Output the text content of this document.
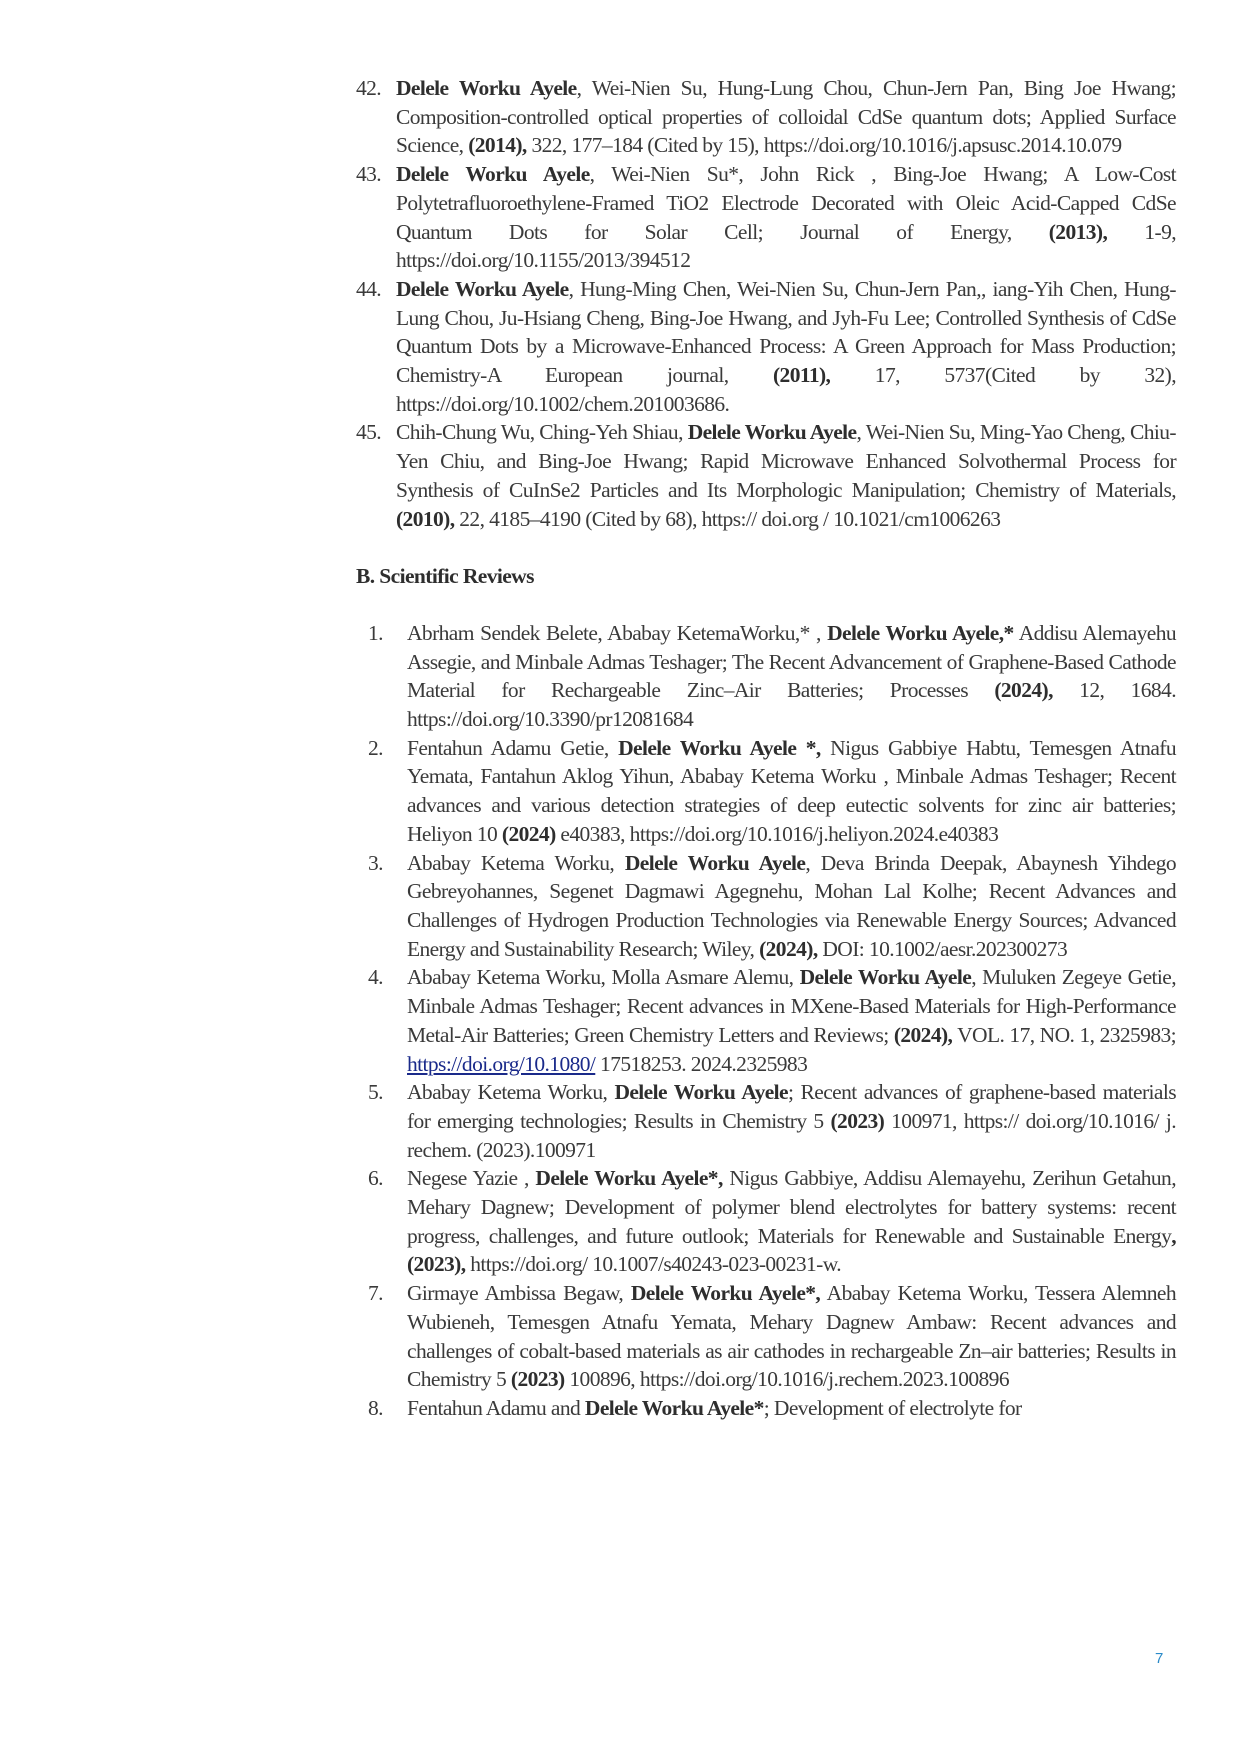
42. Delele Worku Ayele, Wei-Nien Su, Hung-Lung Chou, Chun-Jern Pan, Bing Joe Hwang; Composition-controlled optical properties of colloidal CdSe quantum dots; Applied Surface Science, (2014), 322, 177–184 (Cited by 15), https://doi.org/10.1016/j.apsusc.2014.10.079
43. Delele Worku Ayele, Wei-Nien Su*, John Rick , Bing-Joe Hwang; A Low-Cost Polytetrafluoroethylene-Framed TiO2 Electrode Decorated with Oleic Acid-Capped CdSe Quantum Dots for Solar Cell; Journal of Energy, (2013), 1-9, https://doi.org/10.1155/2013/394512
44. Delele Worku Ayele, Hung-Ming Chen, Wei-Nien Su, Chun-Jern Pan,, iang-Yih Chen, Hung-Lung Chou, Ju-Hsiang Cheng, Bing-Joe Hwang, and Jyh-Fu Lee; Controlled Synthesis of CdSe Quantum Dots by a Microwave-Enhanced Process: A Green Approach for Mass Production; Chemistry-A European journal, (2011), 17, 5737(Cited by 32), https://doi.org/10.1002/chem.201003686.
45. Chih-Chung Wu, Ching-Yeh Shiau, Delele Worku Ayele, Wei-Nien Su, Ming-Yao Cheng, Chiu-Yen Chiu, and Bing-Joe Hwang; Rapid Microwave Enhanced Solvothermal Process for Synthesis of CuInSe2 Particles and Its Morphologic Manipulation; Chemistry of Materials, (2010), 22, 4185–4190 (Cited by 68), https:// doi.org / 10.1021/cm1006263
B. Scientific Reviews
1. Abrham Sendek Belete, Ababay KetemaWorku,* , Delele Worku Ayele,* Addisu Alemayehu Assegie, and Minbale Admas Teshager; The Recent Advancement of Graphene-Based Cathode Material for Rechargeable Zinc–Air Batteries; Processes (2024), 12, 1684. https://doi.org/10.3390/pr12081684
2. Fentahun Adamu Getie, Delele Worku Ayele *, Nigus Gabbiye Habtu, Temesgen Atnafu Yemata, Fantahun Aklog Yihun, Ababay Ketema Worku , Minbale Admas Teshager; Recent advances and various detection strategies of deep eutectic solvents for zinc air batteries; Heliyon 10 (2024) e40383, https://doi.org/10.1016/j.heliyon.2024.e40383
3. Ababay Ketema Worku, Delele Worku Ayele, Deva Brinda Deepak, Abaynesh Yihdego Gebreyohannes, Segenet Dagmawi Agegnehu, Mohan Lal Kolhe; Recent Advances and Challenges of Hydrogen Production Technologies via Renewable Energy Sources; Advanced Energy and Sustainability Research; Wiley, (2024), DOI: 10.1002/aesr.202300273
4. Ababay Ketema Worku, Molla Asmare Alemu, Delele Worku Ayele, Muluken Zegeye Getie, Minbale Admas Teshager; Recent advances in MXene-Based Materials for High-Performance Metal-Air Batteries; Green Chemistry Letters and Reviews; (2024), VOL. 17, NO. 1, 2325983; https://doi.org/10.1080/ 17518253. 2024.2325983
5. Ababay Ketema Worku, Delele Worku Ayele; Recent advances of graphene-based materials for emerging technologies; Results in Chemistry 5 (2023) 100971, https:// doi.org/10.1016/ j. rechem. (2023).100971
6. Negese Yazie , Delele Worku Ayele*, Nigus Gabbiye, Addisu Alemayehu, Zerihun Getahun, Mehary Dagnew; Development of polymer blend electrolytes for battery systems: recent progress, challenges, and future outlook; Materials for Renewable and Sustainable Energy,(2023), https://doi.org/ 10.1007/s40243-023-00231-w.
7. Girmaye Ambissa Begaw, Delele Worku Ayele*, Ababay Ketema Worku, Tessera Alemneh Wubieneh, Temesgen Atnafu Yemata, Mehary Dagnew Ambaw: Recent advances and challenges of cobalt-based materials as air cathodes in rechargeable Zn–air batteries; Results in Chemistry 5 (2023) 100896, https://doi.org/10.1016/j.rechem.2023.100896
8. Fentahun Adamu and Delele Worku Ayele*; Development of electrolyte for
7
